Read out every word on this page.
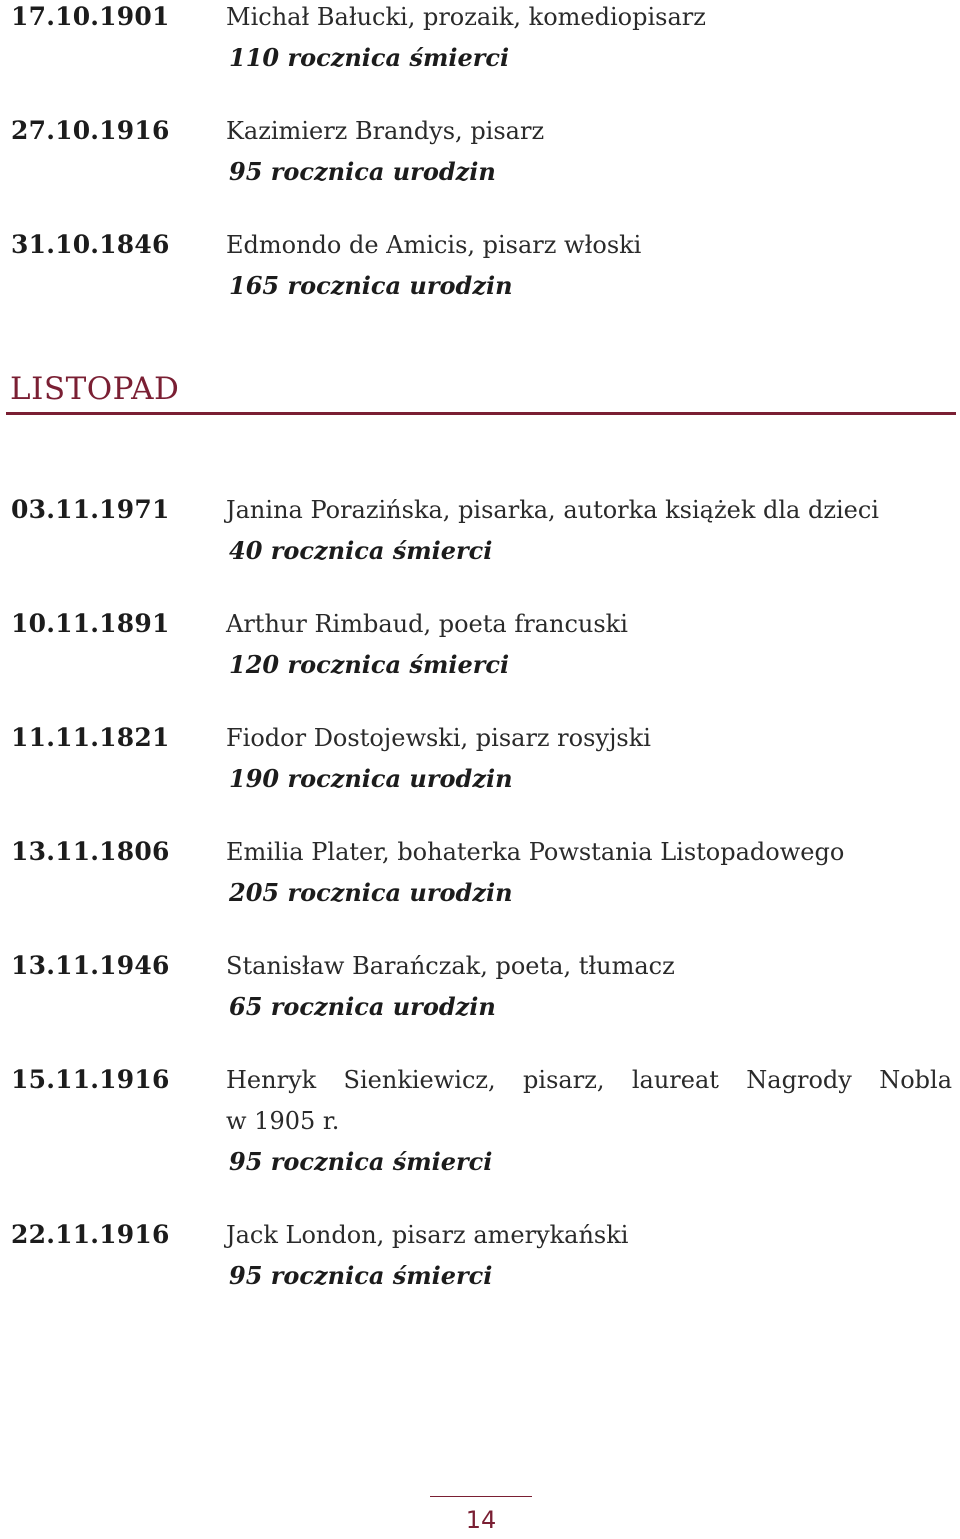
17.10.1901 Michał Bałucki, prozaik, komediopisarz
110 rocznica śmierci
27.10.1916 Kazimierz Brandys, pisarz
95 rocznica urodzin
31.10.1846 Edmondo de Amicis, pisarz włoski
165 rocznica urodzin
LISTOPAD
03.11.1971 Janina Porazińska, pisarka, autorka książek dla dzieci
40 rocznica śmierci
10.11.1891 Arthur Rimbaud, poeta francuski
120 rocznica śmierci
11.11.1821 Fiodor Dostojewski, pisarz rosyjski
190 rocznica urodzin
13.11.1806 Emilia Plater, bohaterka Powstania Listopadowego
205 rocznica urodzin
13.11.1946 Stanisław Barańczak, poeta, tłumacz
65 rocznica urodzin
15.11.1916 Henryk Sienkiewicz, pisarz, laureat Nagrody Nobla
w 1905 r.
95 rocznica śmierci
22.11.1916 Jack London, pisarz amerykański
95 rocznica śmierci
14
